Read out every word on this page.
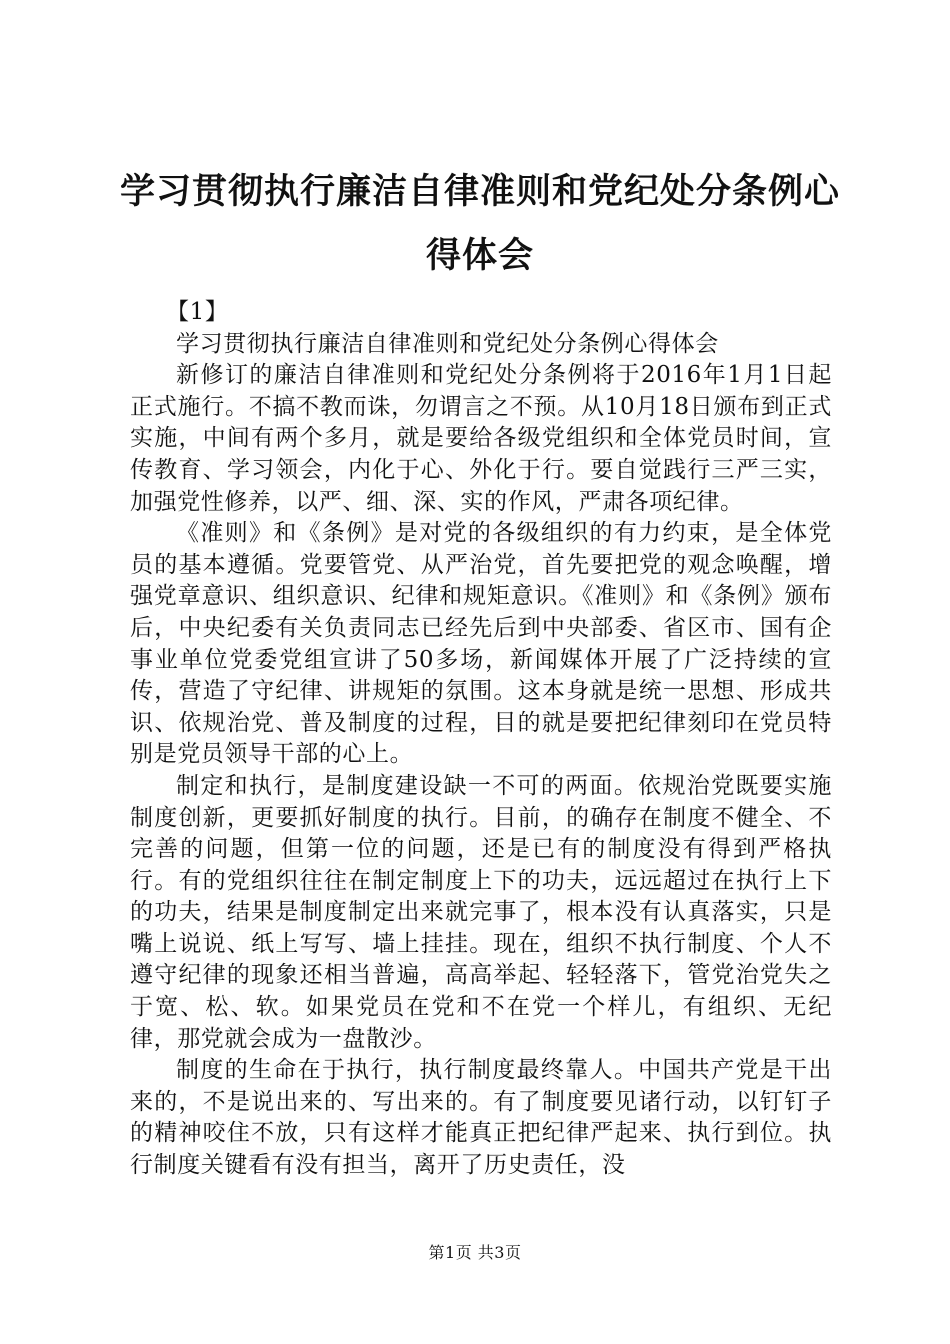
学习贯彻执行廉洁自律准则和党纪处分条例心
得体会

【1】

学习贯彻执行廉洁自律准则和党纪处分条例心得体会

新修订的廉洁自律准则和党纪处分条例将于2016年1月1日起正式施行。不搞不教而诛，勿谓言之不预。从10月18日颁布到正式实施，中间有两个多月，就是要给各级党组织和全体党员时间，宣传教育、学习领会，内化于心、外化于行。要自觉践行三严三实，加强党性修养，以严、细、深、实的作风，严肃各项纪律。

《准则》和《条例》是对党的各级组织的有力约束，是全体党员的基本遵循。党要管党、从严治党，首先要把党的观念唤醒，增强党章意识、组织意识、纪律和规矩意识。《准则》和《条例》颁布后，中央纪委有关负责同志已经先后到中央部委、省区市、国有企事业单位党委党组宣讲了50多场，新闻媒体开展了广泛持续的宣传，营造了守纪律、讲规矩的氛围。这本身就是统一思想、形成共识、依规治党、普及制度的过程，目的就是要把纪律刻印在党员特别是党员领导干部的心上。

制定和执行，是制度建设缺一不可的两面。依规治党既要实施制度创新，更要抓好制度的执行。目前，的确存在制度不健全、不完善的问题，但第一位的问题，还是已有的制度没有得到严格执行。有的党组织往往在制定制度上下的功夫，远远超过在执行上下的功夫，结果是制度制定出来就完事了，根本没有认真落实，只是嘴上说说、纸上写写、墙上挂挂。现在，组织不执行制度、个人不遵守纪律的现象还相当普遍，高高举起、轻轻落下，管党治党失之于宽、松、软。如果党员在党和不在党一个样儿，有组织、无纪律，那党就会成为一盘散沙。

制度的生命在于执行，执行制度最终靠人。中国共产党是干出来的，不是说出来的、写出来的。有了制度要见诸行动，以钉钉子的精神咬住不放，只有这样才能真正把纪律严起来、执行到位。执行制度关键看有没有担当，离开了历史责任，没

第1页 共3页
